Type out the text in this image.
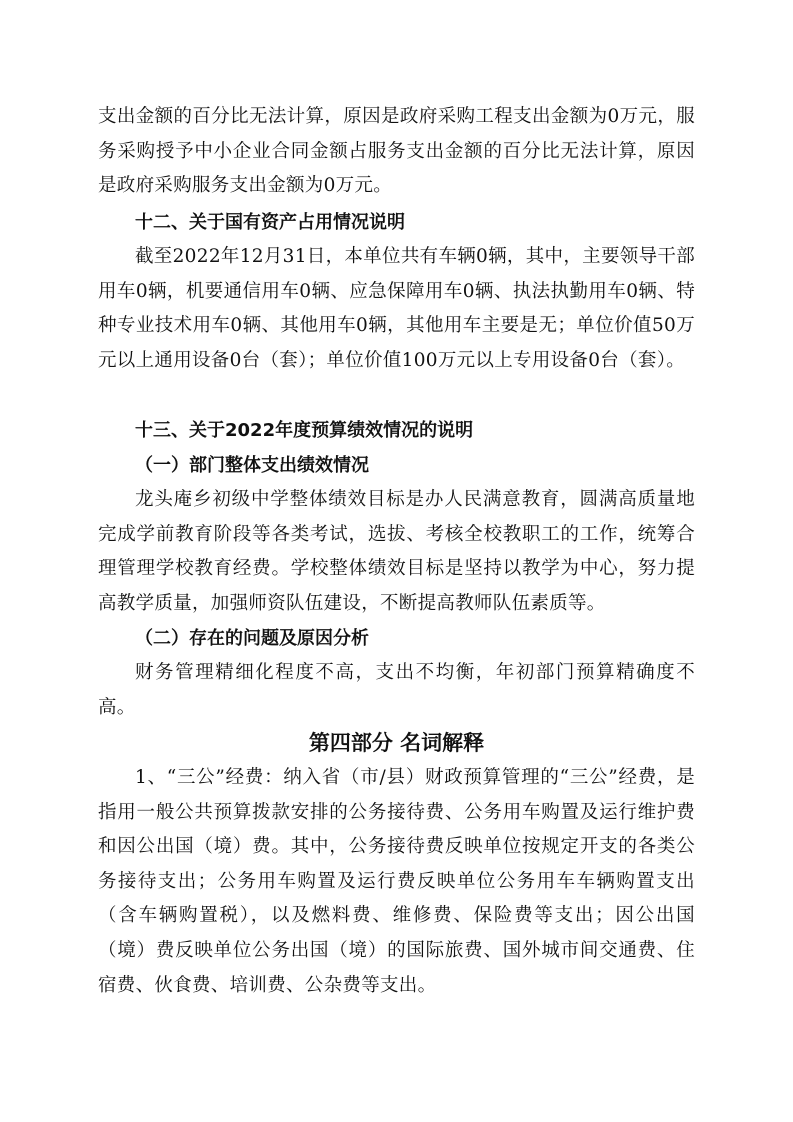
支出金额的百分比无法计算，原因是政府采购工程支出金额为0万元，服务采购授予中小企业合同金额占服务支出金额的百分比无法计算，原因是政府采购服务支出金额为0万元。

十二、关于国有资产占用情况说明

截至2022年12月31日，本单位共有车辆0辆，其中，主要领导干部用车0辆，机要通信用车0辆、应急保障用车0辆、执法执勤用车0辆、特种专业技术用车0辆、其他用车0辆，其他用车主要是无；单位价值50万元以上通用设备0台（套）；单位价值100万元以上专用设备0台（套）。

十三、关于2022年度预算绩效情况的说明

（一）部门整体支出绩效情况

龙头庵乡初级中学整体绩效目标是办人民满意教育，圆满高质量地完成学前教育阶段等各类考试，选拔、考核全校教职工的工作，统筹合理管理学校教育经费。学校整体绩效目标是坚持以教学为中心，努力提高教学质量，加强师资队伍建设，不断提高教师队伍素质等。

（二）存在的问题及原因分析

财务管理精细化程度不高，支出不均衡，年初部门预算精确度不高。

第四部分 名词解释

1、“三公”经费：纳入省（市/县）财政预算管理的“三公”经费，是指用一般公共预算拨款安排的公务接待费、公务用车购置及运行维护费和因公出国（境）费。其中，公务接待费反映单位按规定开支的各类公务接待支出；公务用车购置及运行费反映单位公务用车车辆购置支出（含车辆购置税），以及燃料费、维修费、保险费等支出；因公出国（境）费反映单位公务出国（境）的国际旅费、国外城市间交通费、住宿费、伙食费、培训费、公杂费等支出。
